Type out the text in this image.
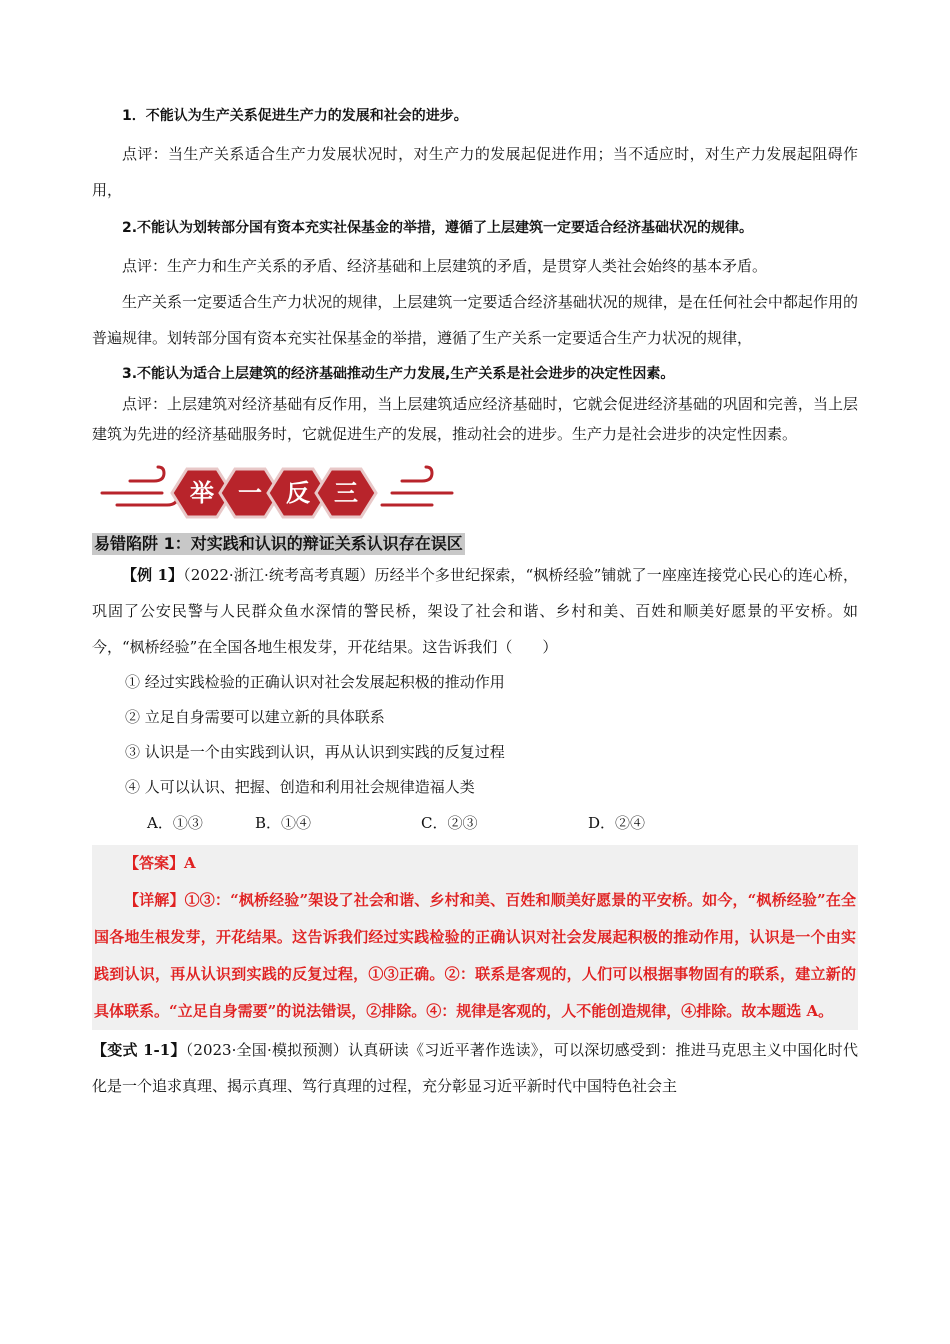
1．不能认为生产关系促进生产力的发展和社会的进步。

点评：当生产关系适合生产力发展状况时，对生产力的发展起促进作用；当不适应时，对生产力发展起阻碍作用，

2.不能认为划转部分国有资本充实社保基金的举措，遵循了上层建筑一定要适合经济基础状况的规律。

点评：生产力和生产关系的矛盾、经济基础和上层建筑的矛盾，是贯穿人类社会始终的基本矛盾。

生产关系一定要适合生产力状况的规律，上层建筑一定要适合经济基础状况的规律，是在任何社会中都起作用的普遍规律。划转部分国有资本充实社保基金的举措，遵循了生产关系一定要适合生产力状况的规律，

3.不能认为适合上层建筑的经济基础推动生产力发展,生产关系是社会进步的决定性因素。

点评：上层建筑对经济基础有反作用，当上层建筑适应经济基础时，它就会促进经济基础的巩固和完善，当上层建筑为先进的经济基础服务时，它就促进生产的发展，推动社会的进步。生产力是社会进步的决定性因素。

举 一 反 三
易错陷阱 1：对实践和认识的辩证关系认识存在误区

【例 1】（2022·浙江·统考高考真题）历经半个多世纪探索，“枫桥经验”铺就了一座座连接党心民心的连心桥，巩固了公安民警与人民群众鱼水深情的警民桥，架设了社会和谐、乡村和美、百姓和顺美好愿景的平安桥。如今，“枫桥经验”在全国各地生根发芽，开花结果。这告诉我们（　　）

① 经过实践检验的正确认识对社会发展起积极的推动作用

② 立足自身需要可以建立新的具体联系

③ 认识是一个由实践到认识，再从认识到实践的反复过程

④ 人可以认识、把握、创造和利用社会规律造福人类

A．①③	B．①④	C．②③	D．②④

【答案】A

【详解】①③：“枫桥经验”架设了社会和谐、乡村和美、百姓和顺美好愿景的平安桥。如今，“枫桥经验”在全国各地生根发芽，开花结果。这告诉我们经过实践检验的正确认识对社会发展起积极的推动作用，认识是一个由实践到认识，再从认识到实践的反复过程，①③正确。②：联系是客观的，人们可以根据事物固有的联系，建立新的具体联系。“立足自身需要”的说法错误，②排除。④：规律是客观的，人不能创造规律，④排除。故本题选 A。

【变式 1-1】（2023·全国·模拟预测）认真研读《习近平著作选读》，可以深切感受到：推进马克思主义中国化时代化是一个追求真理、揭示真理、笃行真理的过程，充分彰显习近平新时代中国特色社会主
